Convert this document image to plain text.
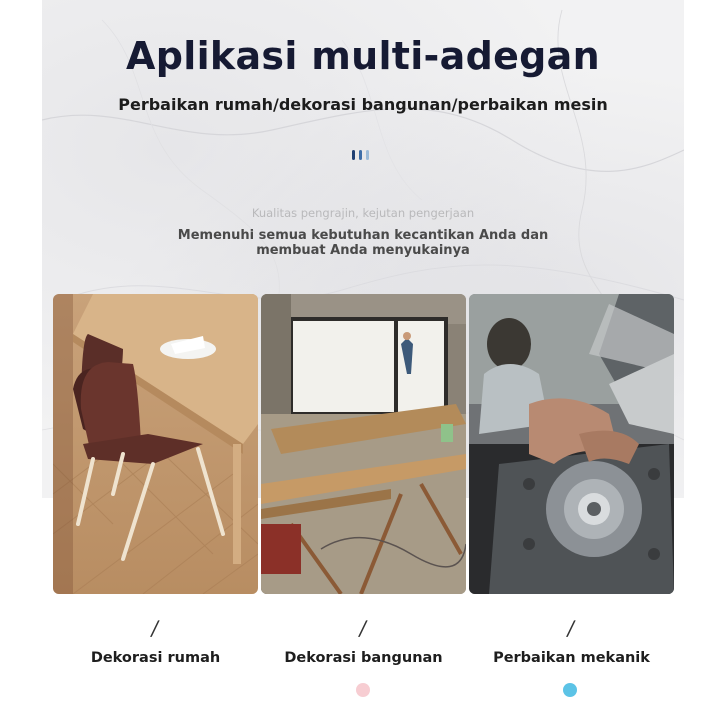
Aplikasi multi-adegan
Perbaikan rumah/dekorasi bangunan/perbaikan mesin
Kualitas pengrajin, kejutan pengerjaan
Memenuhi semua kebutuhan kecantikan Anda dan membuat Anda menyukainya
/	/	/
Dekorasi rumah	Dekorasi bangunan	Perbaikan mekanik
